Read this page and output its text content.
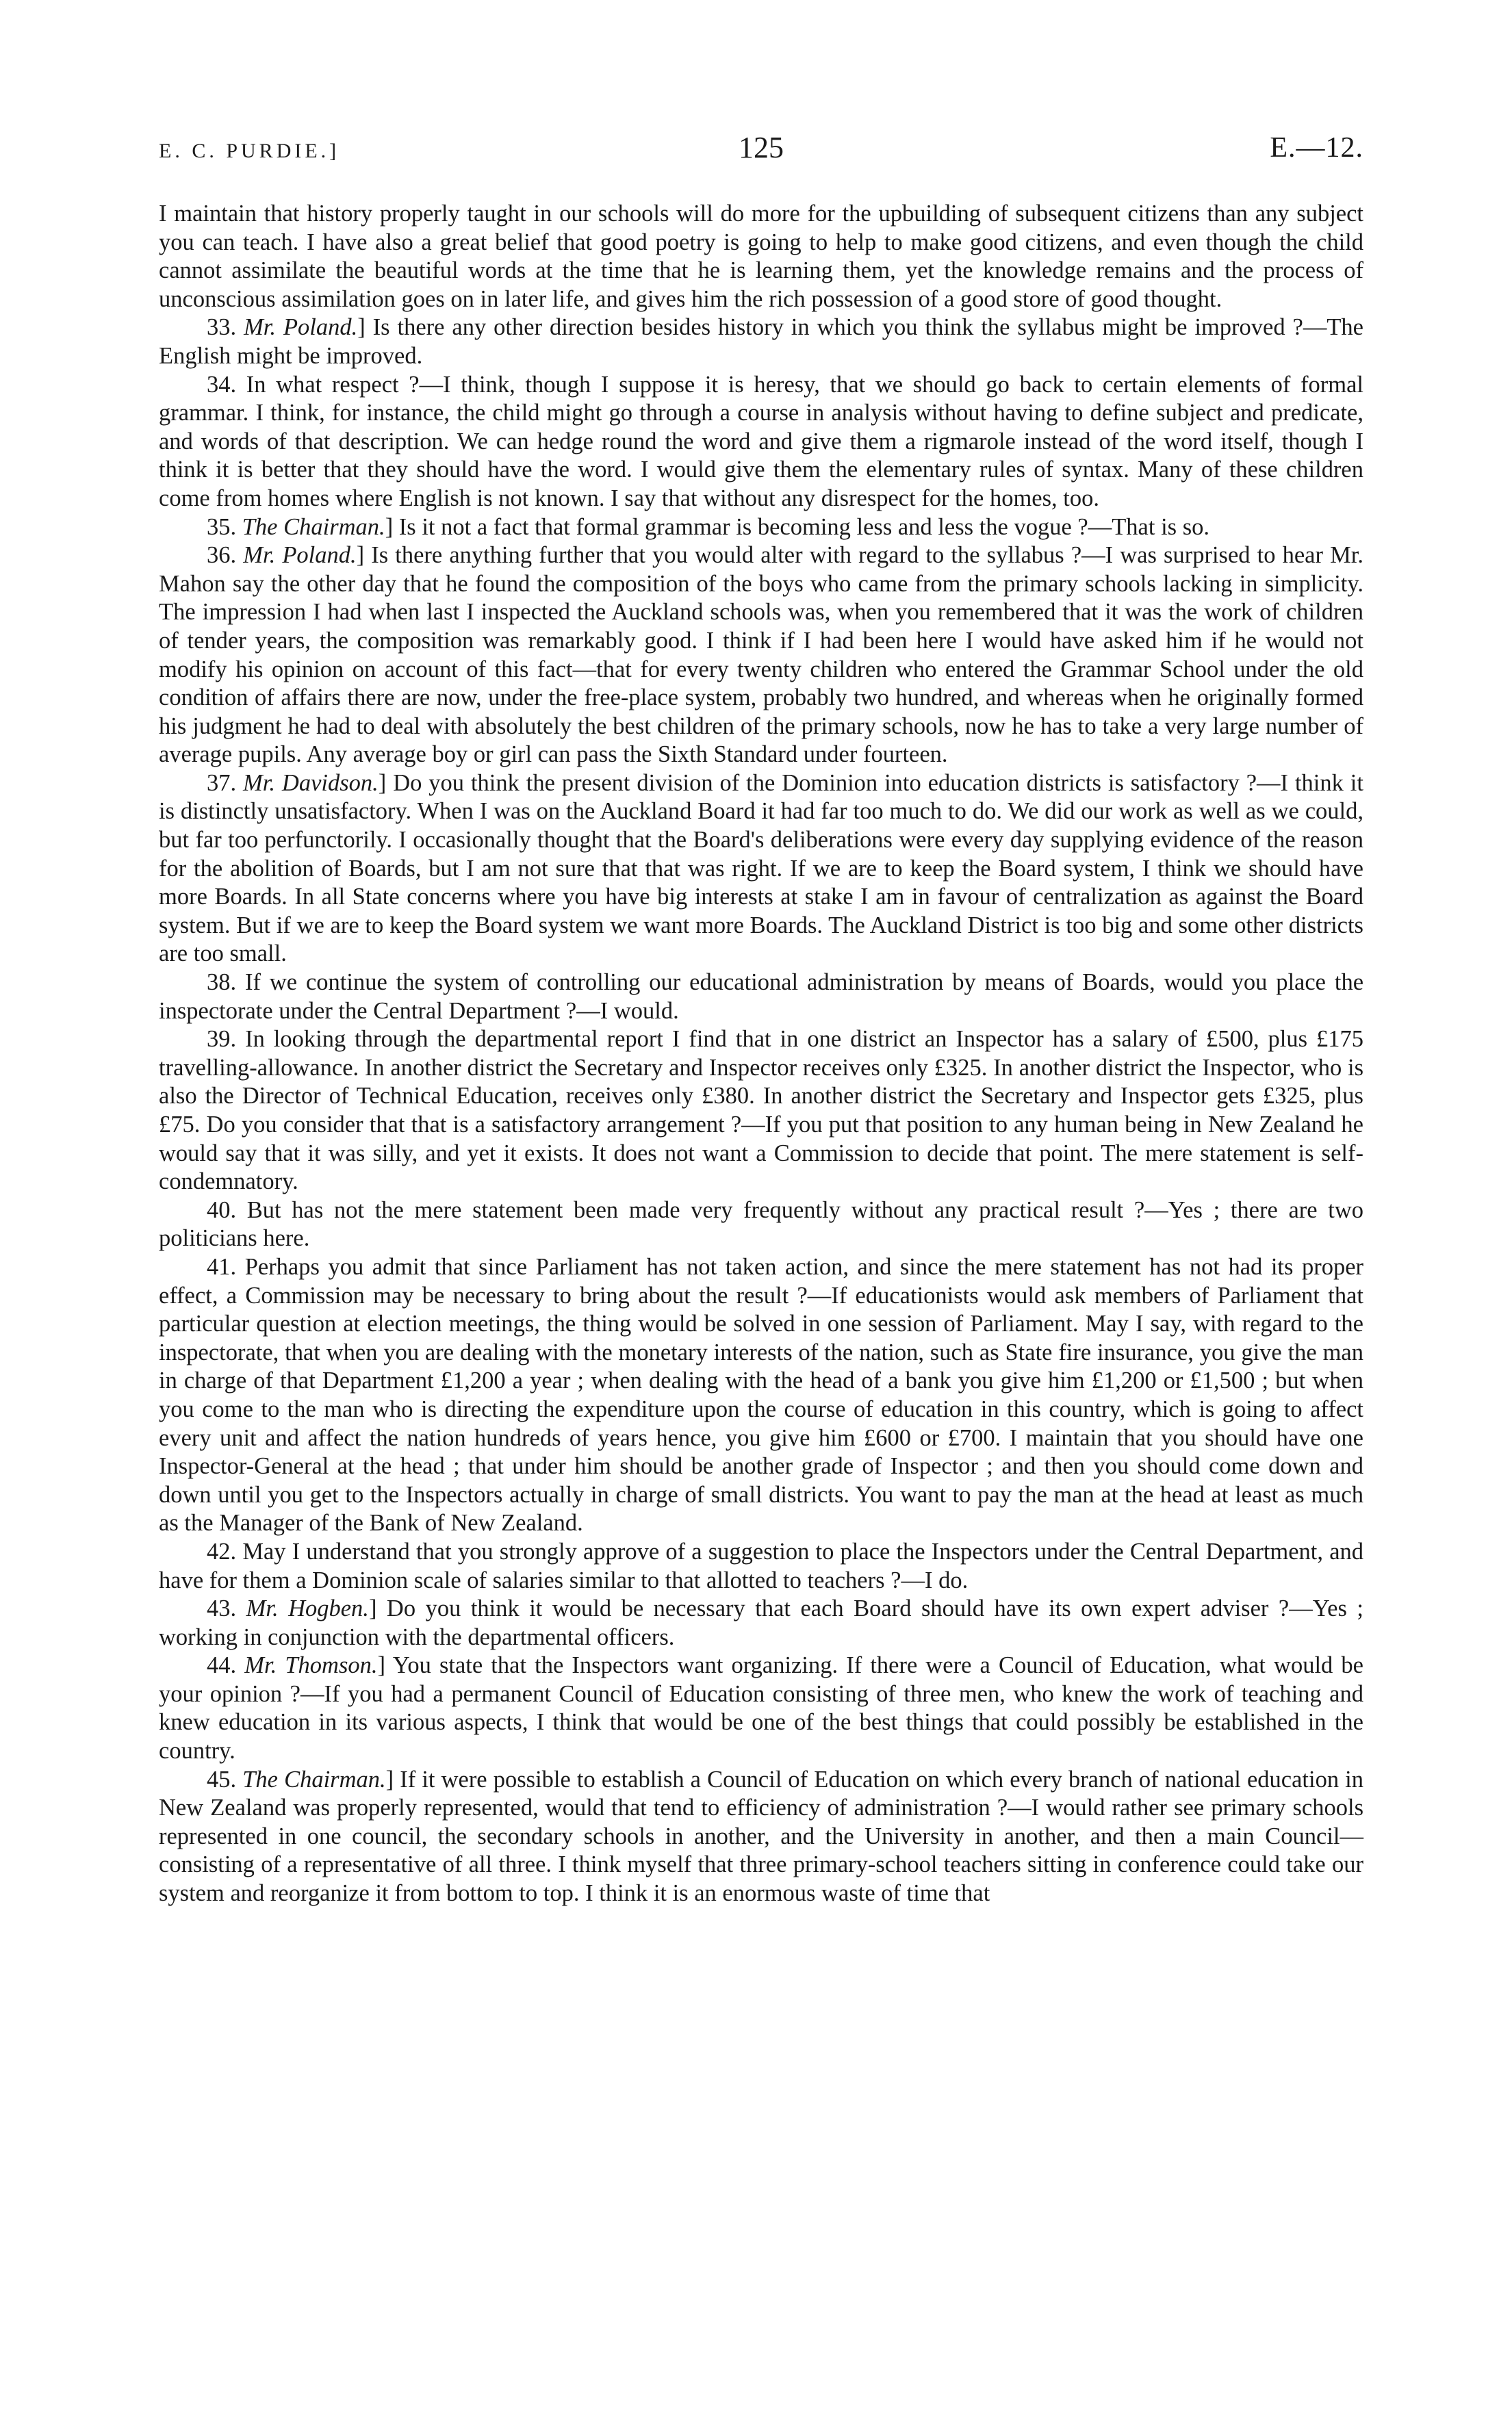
E. C. PURDIE.]	125	E.—12.

I maintain that history properly taught in our schools will do more for the upbuilding of subsequent citizens than any subject you can teach. I have also a great belief that good poetry is going to help to make good citizens, and even though the child cannot assimilate the beautiful words at the time that he is learning them, yet the knowledge remains and the process of unconscious assimilation goes on in later life, and gives him the rich possession of a good store of good thought.

33. Mr. Poland.] Is there any other direction besides history in which you think the syllabus might be improved ?—The English might be improved.

34. In what respect ?—I think, though I suppose it is heresy, that we should go back to certain elements of formal grammar. I think, for instance, the child might go through a course in analysis without having to define subject and predicate, and words of that description. We can hedge round the word and give them a rigmarole instead of the word itself, though I think it is better that they should have the word. I would give them the elementary rules of syntax. Many of these children come from homes where English is not known. I say that without any disrespect for the homes, too.

35. The Chairman.] Is it not a fact that formal grammar is becoming less and less the vogue ?—That is so.

36. Mr. Poland.] Is there anything further that you would alter with regard to the syllabus ?—I was surprised to hear Mr. Mahon say the other day that he found the composition of the boys who came from the primary schools lacking in simplicity. The impression I had when last I inspected the Auckland schools was, when you remembered that it was the work of children of tender years, the composition was remarkably good. I think if I had been here I would have asked him if he would not modify his opinion on account of this fact—that for every twenty children who entered the Grammar School under the old condition of affairs there are now, under the free-place system, probably two hundred, and whereas when he originally formed his judgment he had to deal with absolutely the best children of the primary schools, now he has to take a very large number of average pupils. Any average boy or girl can pass the Sixth Standard under fourteen.

37. Mr. Davidson.] Do you think the present division of the Dominion into education districts is satisfactory ?—I think it is distinctly unsatisfactory. When I was on the Auckland Board it had far too much to do. We did our work as well as we could, but far too perfunctorily. I occasionally thought that the Board's deliberations were every day supplying evidence of the reason for the abolition of Boards, but I am not sure that that was right. If we are to keep the Board system, I think we should have more Boards. In all State concerns where you have big interests at stake I am in favour of centralization as against the Board system. But if we are to keep the Board system we want more Boards. The Auckland District is too big and some other districts are too small.

38. If we continue the system of controlling our educational administration by means of Boards, would you place the inspectorate under the Central Department ?—I would.

39. In looking through the departmental report I find that in one district an Inspector has a salary of £500, plus £175 travelling-allowance. In another district the Secretary and Inspector receives only £325. In another district the Inspector, who is also the Director of Technical Education, receives only £380. In another district the Secretary and Inspector gets £325, plus £75. Do you consider that that is a satisfactory arrangement ?—If you put that position to any human being in New Zealand he would say that it was silly, and yet it exists. It does not want a Commission to decide that point. The mere statement is self-condemnatory.

40. But has not the mere statement been made very frequently without any practical result ?—Yes ; there are two politicians here.

41. Perhaps you admit that since Parliament has not taken action, and since the mere statement has not had its proper effect, a Commission may be necessary to bring about the result ?—If educationists would ask members of Parliament that particular question at election meetings, the thing would be solved in one session of Parliament. May I say, with regard to the inspectorate, that when you are dealing with the monetary interests of the nation, such as State fire insurance, you give the man in charge of that Department £1,200 a year ; when dealing with the head of a bank you give him £1,200 or £1,500 ; but when you come to the man who is directing the expenditure upon the course of education in this country, which is going to affect every unit and affect the nation hundreds of years hence, you give him £600 or £700. I maintain that you should have one Inspector-General at the head ; that under him should be another grade of Inspector ; and then you should come down and down until you get to the Inspectors actually in charge of small districts. You want to pay the man at the head at least as much as the Manager of the Bank of New Zealand.

42. May I understand that you strongly approve of a suggestion to place the Inspectors under the Central Department, and have for them a Dominion scale of salaries similar to that allotted to teachers ?—I do.

43. Mr. Hogben.] Do you think it would be necessary that each Board should have its own expert adviser ?—Yes ; working in conjunction with the departmental officers.

44. Mr. Thomson.] You state that the Inspectors want organizing. If there were a Council of Education, what would be your opinion ?—If you had a permanent Council of Education consisting of three men, who knew the work of teaching and knew education in its various aspects, I think that would be one of the best things that could possibly be established in the country.

45. The Chairman.] If it were possible to establish a Council of Education on which every branch of national education in New Zealand was properly represented, would that tend to efficiency of administration ?—I would rather see primary schools represented in one council, the secondary schools in another, and the University in another, and then a main Council—consisting of a representative of all three. I think myself that three primary-school teachers sitting in conference could take our system and reorganize it from bottom to top. I think it is an enormous waste of time that
